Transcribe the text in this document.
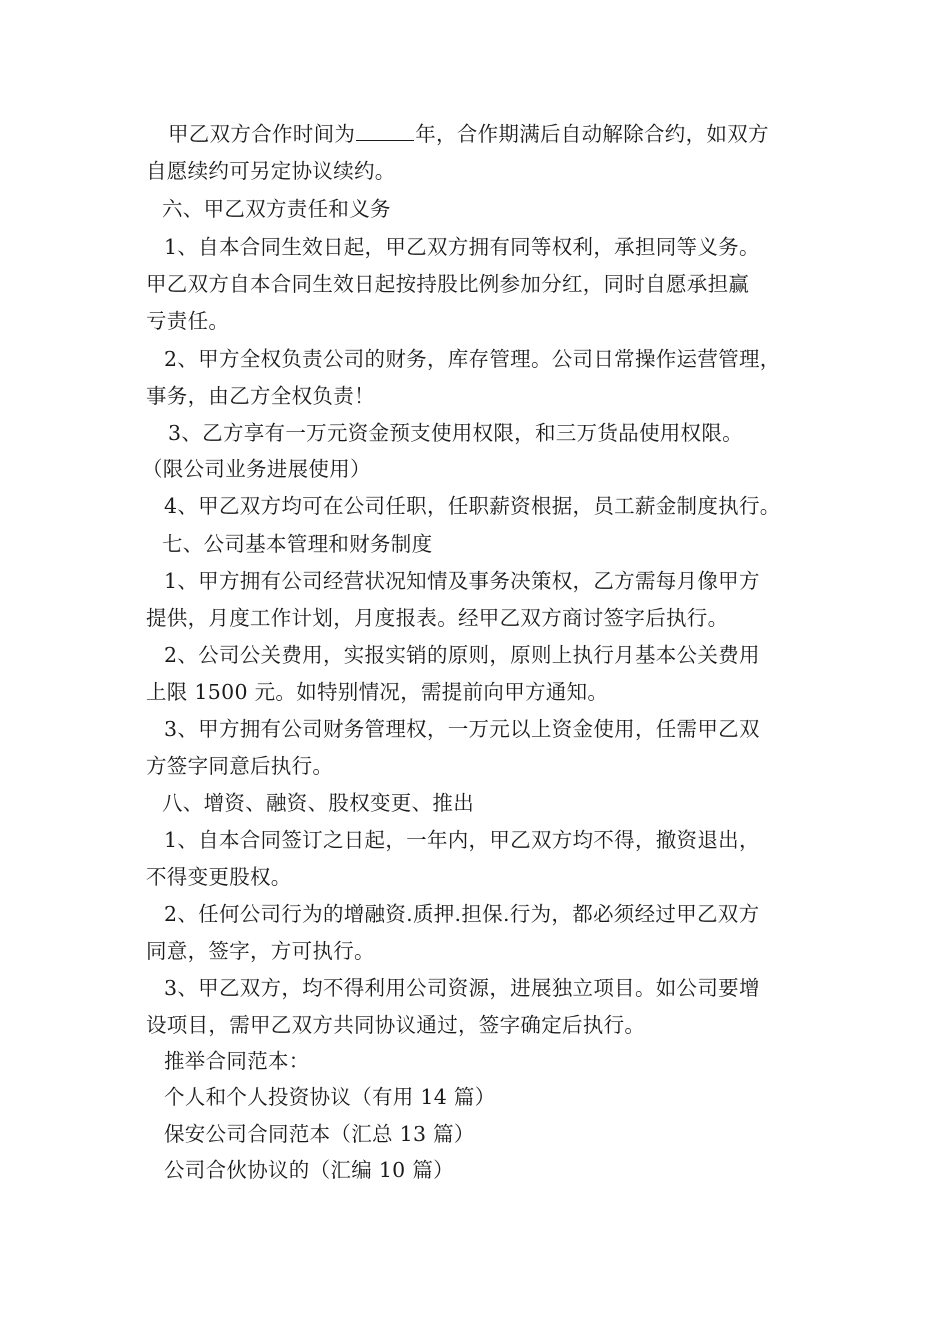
甲乙双方合作时间为	年，合作期满后自动解除合约，如双方
自愿续约可另定协议续约。
六、甲乙双方责任和义务
1、自本合同生效日起，甲乙双方拥有同等权利，承担同等义务。
甲乙双方自本合同生效日起按持股比例参加分红，同时自愿承担赢
亏责任。
2、甲方全权负责公司的财务，库存管理。公司日常操作运营管理，
事务，由乙方全权负责！
3、乙方享有一万元资金预支使用权限，和三万货品使用权限。
（限公司业务进展使用）
4、甲乙双方均可在公司任职，任职薪资根据，员工薪金制度执行。
七、公司基本管理和财务制度
1、甲方拥有公司经营状况知情及事务决策权，乙方需每月像甲方
提供，月度工作计划，月度报表。经甲乙双方商讨签字后执行。
2、公司公关费用，实报实销的原则，原则上执行月基本公关费用
上限 1500 元。如特别情况，需提前向甲方通知。
3、甲方拥有公司财务管理权，一万元以上资金使用，任需甲乙双
方签字同意后执行。
八、增资、融资、股权变更、推出
1、自本合同签订之日起，一年内，甲乙双方均不得，撤资退出，
不得变更股权。
2、任何公司行为的增融资.质押.担保.行为，都必须经过甲乙双方
同意，签字，方可执行。
3、甲乙双方，均不得利用公司资源，进展独立项目。如公司要增
设项目，需甲乙双方共同协议通过，签字确定后执行。
推举合同范本：
个人和个人投资协议（有用 14 篇）
保安公司合同范本（汇总 13 篇）
公司合伙协议的（汇编 10 篇）
